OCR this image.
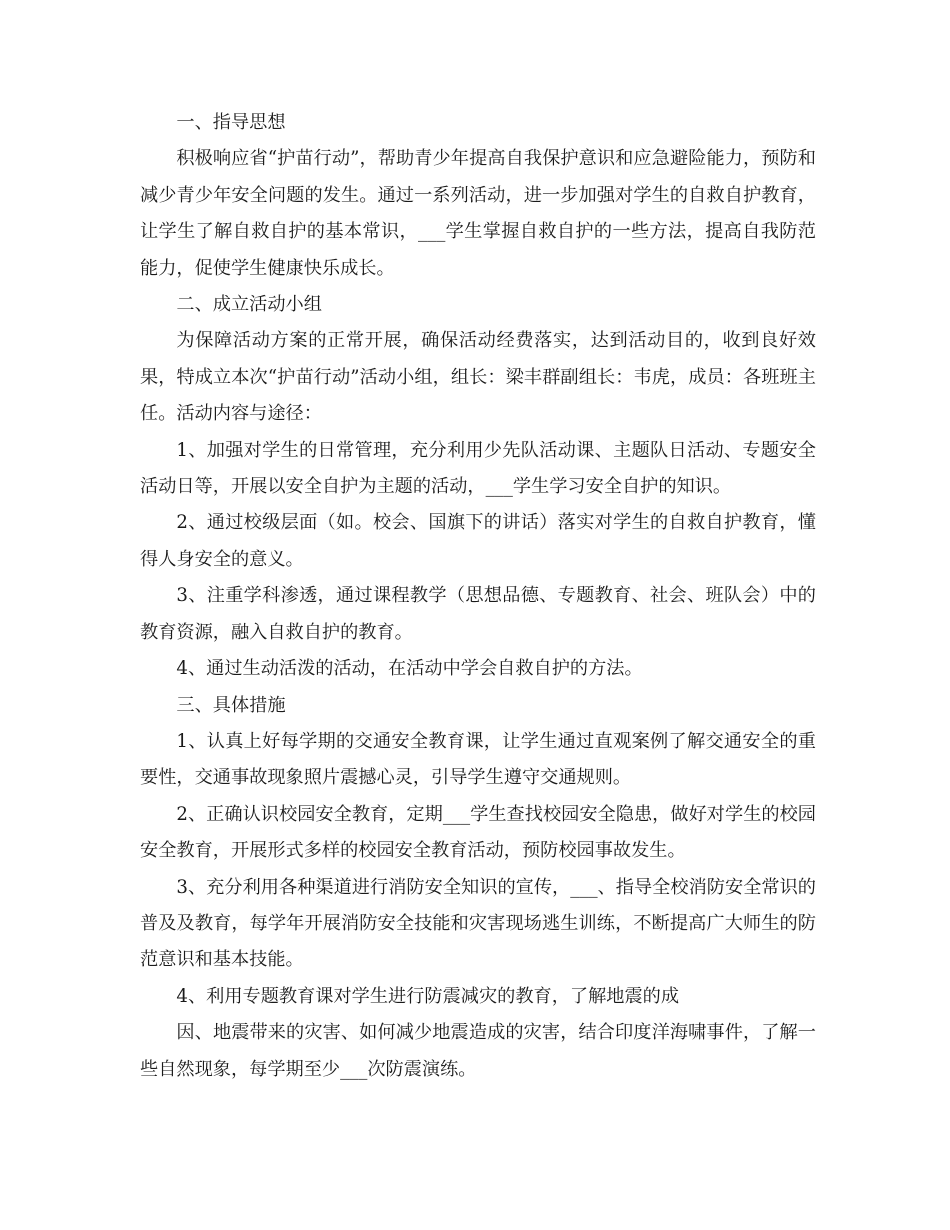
一、指导思想

积极响应省“护苗行动”，帮助青少年提高自我保护意识和应急避险能力，预防和减少青少年安全问题的发生。通过一系列活动，进一步加强对学生的自救自护教育，让学生了解自救自护的基本常识，___学生掌握自救自护的一些方法，提高自我防范能力，促使学生健康快乐成长。

二、成立活动小组

为保障活动方案的正常开展，确保活动经费落实，达到活动目的，收到良好效果，特成立本次“护苗行动”活动小组，组长：梁丰群副组长：韦虎，成员：各班班主任。活动内容与途径：

1、加强对学生的日常管理，充分利用少先队活动课、主题队日活动、专题安全活动日等，开展以安全自护为主题的活动，___学生学习安全自护的知识。

2、通过校级层面（如。校会、国旗下的讲话）落实对学生的自救自护教育，懂得人身安全的意义。

3、注重学科渗透，通过课程教学（思想品德、专题教育、社会、班队会）中的教育资源，融入自救自护的教育。

4、通过生动活泼的活动，在活动中学会自救自护的方法。

三、具体措施

1、认真上好每学期的交通安全教育课，让学生通过直观案例了解交通安全的重要性，交通事故现象照片震撼心灵，引导学生遵守交通规则。

2、正确认识校园安全教育，定期___学生查找校园安全隐患，做好对学生的校园安全教育，开展形式多样的校园安全教育活动，预防校园事故发生。

3、充分利用各种渠道进行消防安全知识的宣传，___、指导全校消防安全常识的普及及教育，每学年开展消防安全技能和灾害现场逃生训练，不断提高广大师生的防范意识和基本技能。

4、利用专题教育课对学生进行防震减灾的教育，了解地震的成

因、地震带来的灾害、如何减少地震造成的灾害，结合印度洋海啸事件，了解一些自然现象，每学期至少___次防震演练。
